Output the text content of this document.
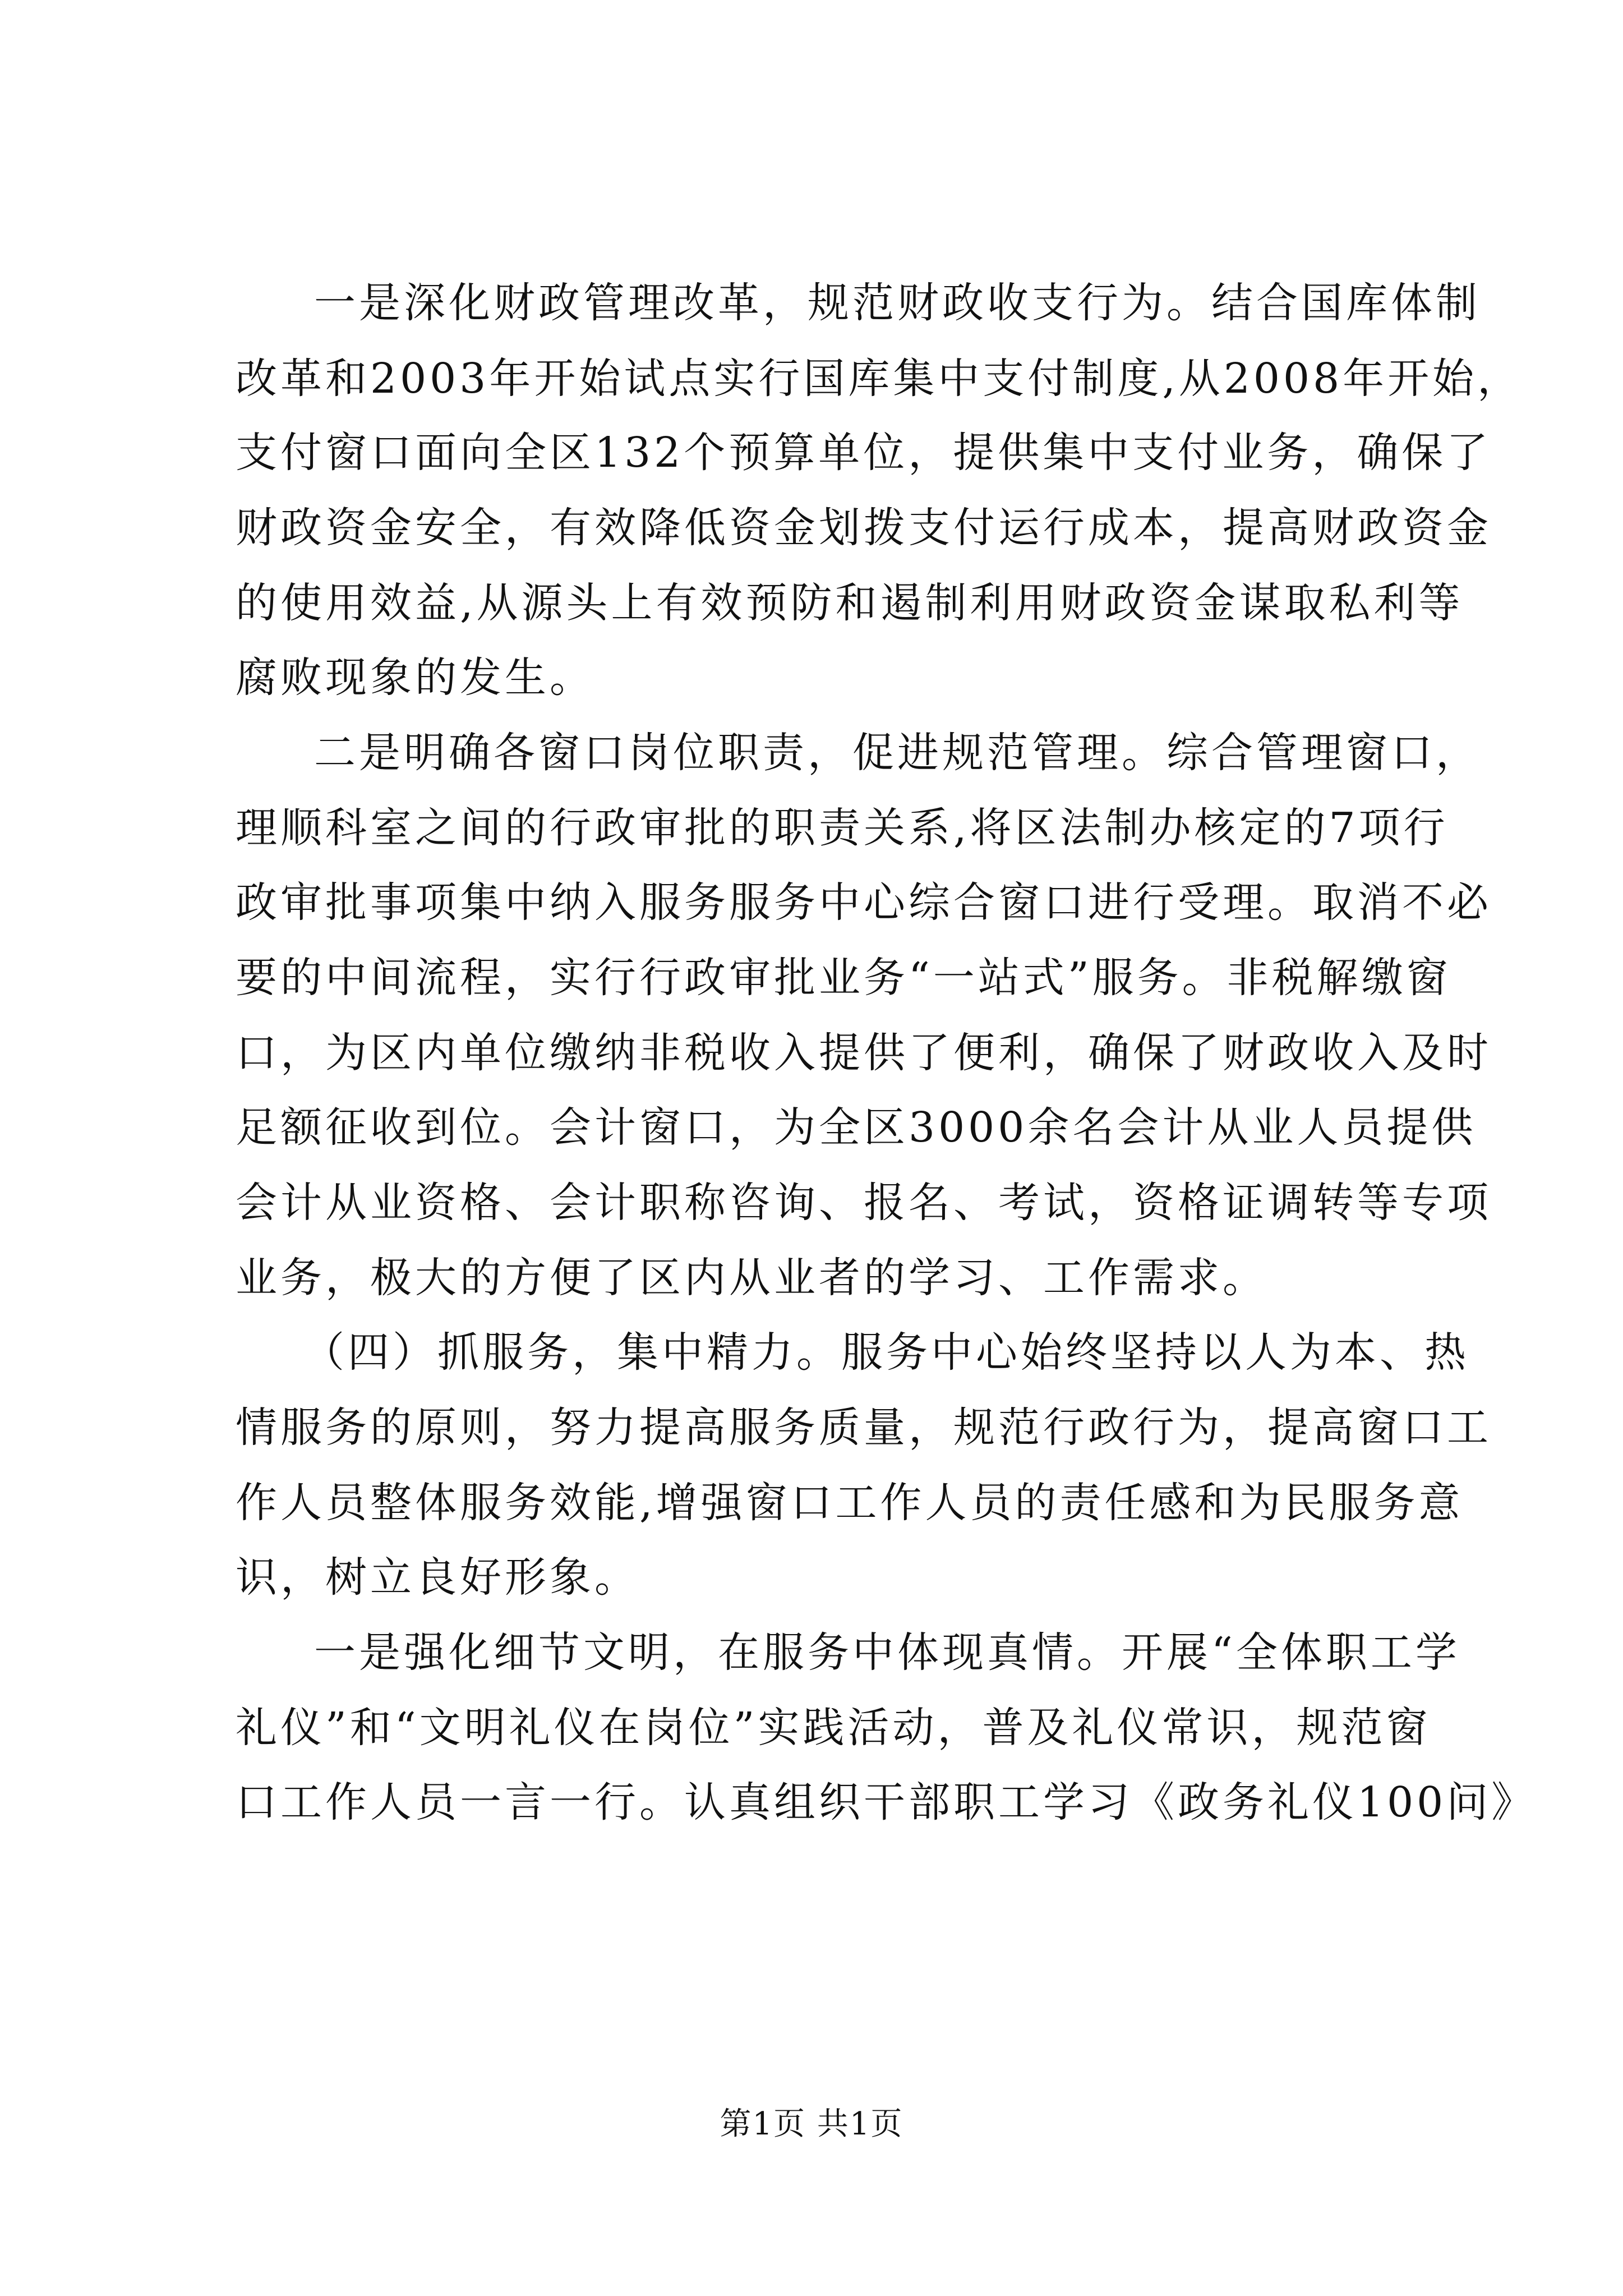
一是深化财政管理改革，规范财政收支行为。结合国库体制
改革和2003年开始试点实行国库集中支付制度,从2008年开始，
支付窗口面向全区132个预算单位，提供集中支付业务，确保了
财政资金安全，有效降低资金划拨支付运行成本，提高财政资金
的使用效益,从源头上有效预防和遏制利用财政资金谋取私利等
腐败现象的发生。
二是明确各窗口岗位职责，促进规范管理。综合管理窗口，
理顺科室之间的行政审批的职责关系,将区法制办核定的7项行
政审批事项集中纳入服务服务中心综合窗口进行受理。取消不必
要的中间流程，实行行政审批业务“一站式”服务。非税解缴窗
口，为区内单位缴纳非税收入提供了便利，确保了财政收入及时
足额征收到位。会计窗口，为全区3000余名会计从业人员提供
会计从业资格、会计职称咨询、报名、考试，资格证调转等专项
业务，极大的方便了区内从业者的学习、工作需求。
（四）抓服务，集中精力。服务中心始终坚持以人为本、热
情服务的原则，努力提高服务质量，规范行政行为，提高窗口工
作人员整体服务效能,增强窗口工作人员的责任感和为民服务意
识，树立良好形象。
一是强化细节文明，在服务中体现真情。开展“全体职工学
礼仪”和“文明礼仪在岗位”实践活动，普及礼仪常识，规范窗
口工作人员一言一行。认真组织干部职工学习《政务礼仪100问》
第1页 共1页
